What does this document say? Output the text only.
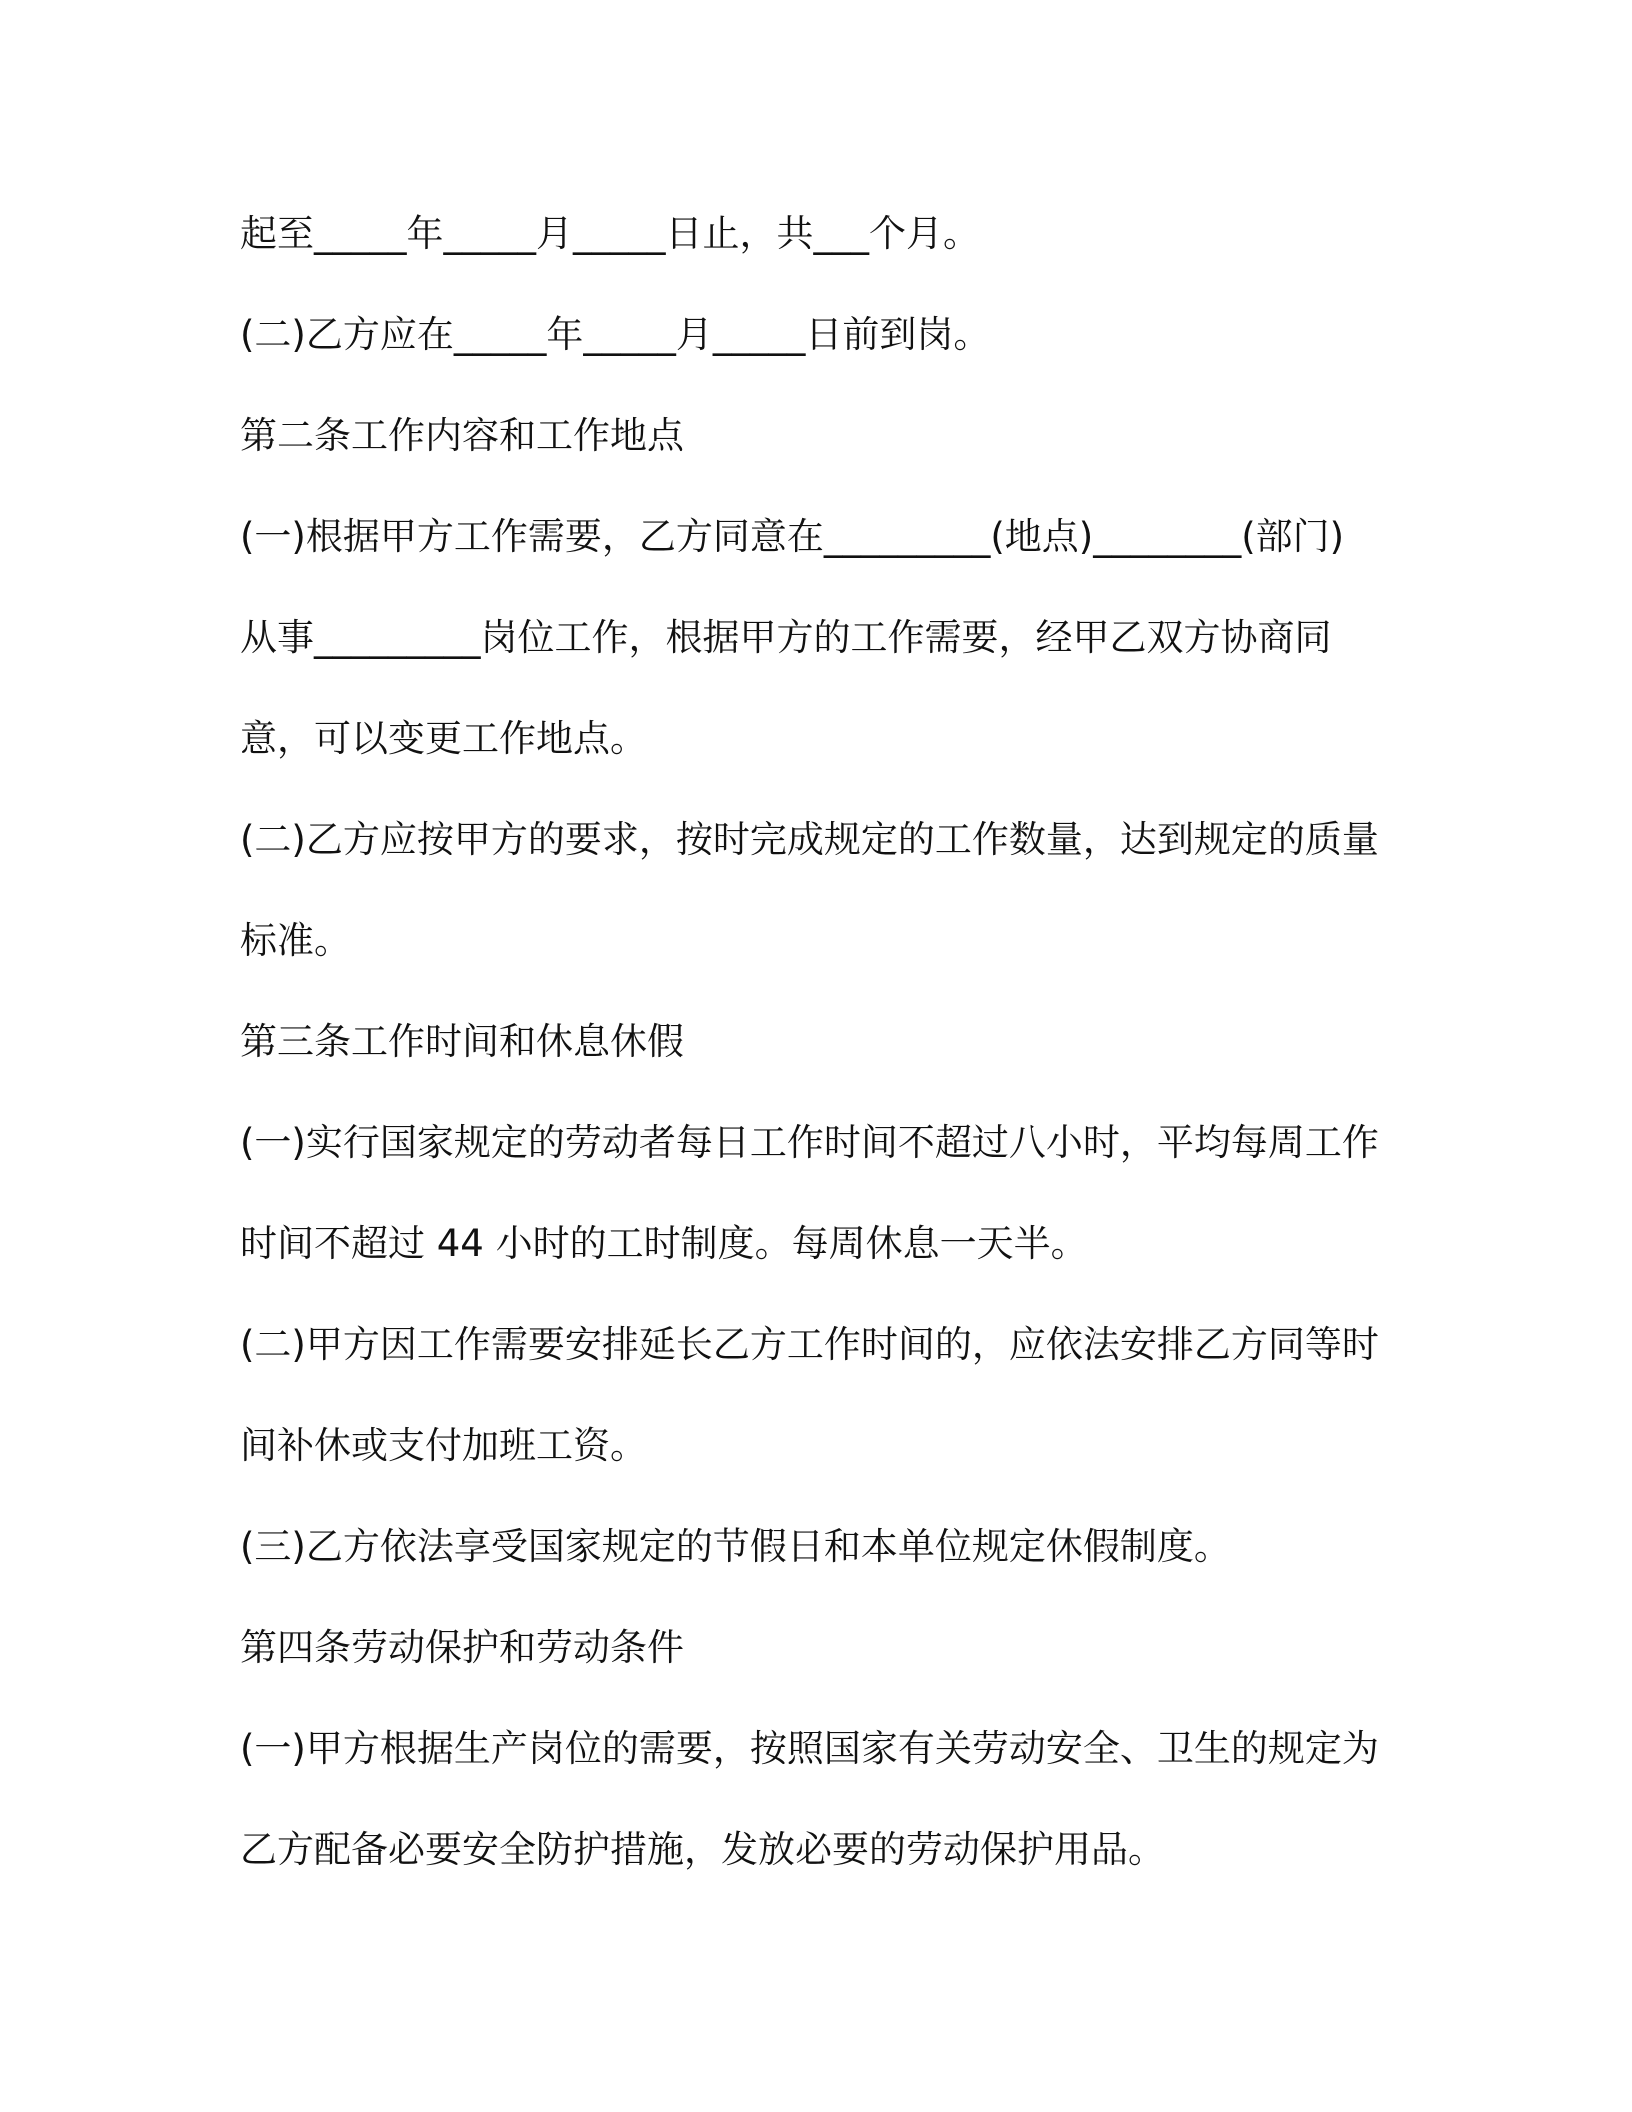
起至_____年_____月_____日止，共___个月。

(二)乙方应在_____年_____月_____日前到岗。

第二条工作内容和工作地点

(一)根据甲方工作需要，乙方同意在_________(地点)________(部门)

从事_________岗位工作，根据甲方的工作需要，经甲乙双方协商同

意，可以变更工作地点。

(二)乙方应按甲方的要求，按时完成规定的工作数量，达到规定的质量

标准。

第三条工作时间和休息休假

(一)实行国家规定的劳动者每日工作时间不超过八小时，平均每周工作

时间不超过 44 小时的工时制度。每周休息一天半。

(二)甲方因工作需要安排延长乙方工作时间的，应依法安排乙方同等时

间补休或支付加班工资。

(三)乙方依法享受国家规定的节假日和本单位规定休假制度。

第四条劳动保护和劳动条件

(一)甲方根据生产岗位的需要，按照国家有关劳动安全、卫生的规定为

乙方配备必要安全防护措施，发放必要的劳动保护用品。
